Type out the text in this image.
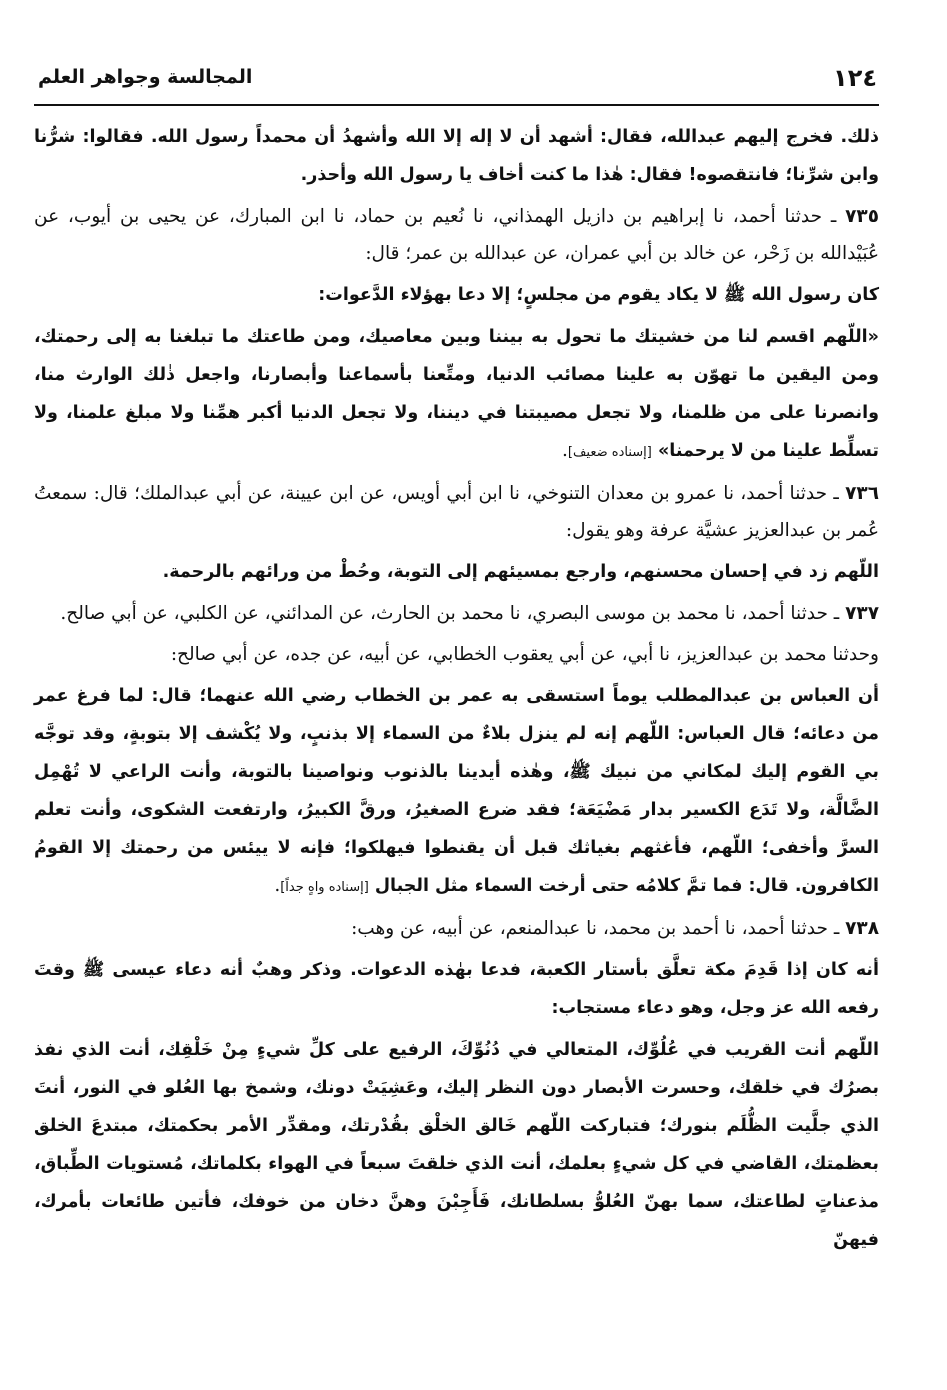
١٢٤
المجالسة وجواهر العلم

ذلك. فخرج إليهم عبدالله، فقال: أشهد أن لا إله إلا الله وأشهدُ أن محمداً رسول الله. فقالوا: شرُّنا وابن شرِّنا؛ فانتقصوه! فقال: هٰذا ما كنت أخاف يا رسول الله وأحذر.

٧٣٥ ـ حدثنا أحمد، نا إبراهيم بن دازيل الهمذاني، نا نُعيم بن حماد، نا ابن المبارك، عن يحيى بن أيوب، عن عُبَيْدالله بن زَحْر، عن خالد بن أبي عمران، عن عبدالله بن عمر؛ قال:

كان رسول الله ﷺ لا يكاد يقوم من مجلسٍ؛ إلا دعا بهؤلاء الدَّعوات:

«اللّهم اقسم لنا من خشيتك ما تحول به بيننا وبين معاصيك، ومن طاعتك ما تبلغنا به إلى رحمتك، ومن اليقين ما تهوّن به علينا مصائب الدنيا، ومتِّعنا بأسماعنا وأبصارنا، واجعل ذٰلك الوارث منا، وانصرنا على من ظلمنا، ولا تجعل مصيبتنا في ديننا، ولا تجعل الدنيا أكبر همِّنا ولا مبلغ علمنا، ولا تسلِّط علينا من لا يرحمنا» [إسناده ضعيف].

٧٣٦ ـ حدثنا أحمد، نا عمرو بن معدان التنوخي، نا ابن أبي أويس، عن ابن عيينة، عن أبي عبدالملك؛ قال: سمعتُ عُمر بن عبدالعزيز عشيَّة عرفة وهو يقول:

اللّهم زد في إحسان محسنهم، وارجع بمسيئهم إلى التوبة، وحُطْ من ورائهم بالرحمة.

٧٣٧ ـ حدثنا أحمد، نا محمد بن موسى البصري، نا محمد بن الحارث، عن المدائني، عن الكلبي، عن أبي صالح.

وحدثنا محمد بن عبدالعزيز، نا أبي، عن أبي يعقوب الخطابي، عن أبيه، عن جده، عن أبي صالح:

أن العباس بن عبدالمطلب يوماً استسقى به عمر بن الخطاب رضي الله عنهما؛ قال: لما فرغ عمر من دعائه؛ قال العباس: اللّهم إنه لم ينزل بلاءٌ من السماء إلا بذنبٍ، ولا يُكْشف إلا بتوبةٍ، وقد توجَّه بي القوم إليك لمكاني من نبيك ﷺ، وهٰذه أيدينا بالذنوب ونواصينا بالتوبة، وأنت الراعي لا تُهْمِل الضَّالَّة، ولا تَدَع الكسير بدار مَضْيَعَة؛ فقد ضرع الصغيرُ، ورقَّ الكبيرُ، وارتفعت الشكوى، وأنت تعلم السرَّ وأخفى؛ اللّهم، فأغثهم بغياثك قبل أن يقنطوا فيهلكوا؛ فإنه لا ييئس من رحمتك إلا القومُ الكافرون. قال: فما تمَّ كلامُه حتى أرخت السماء مثل الجبال [إسناده واهٍ جداً].

٧٣٨ ـ حدثنا أحمد، نا أحمد بن محمد، نا عبدالمنعم، عن أبيه، عن وهب:

أنه كان إذا قَدِمَ مكة تعلَّق بأستار الكعبة، فدعا بهٰذه الدعوات. وذكر وهبٌ أنه دعاء عيسى ﷺ وقتَ رفعه الله عز وجل، وهو دعاء مستجاب:

اللّهم أنت القريب في عُلُوِّك، المتعالي في دُنُوِّكَ، الرفيع على كلِّ شيءٍ مِنْ خَلْقِك، أنت الذي نفذ بصرُك في خلقك، وحسرت الأبصار دون النظر إليك، وعَشِيَتْ دونك، وشمخ بها العُلو في النور، أنتَ الذي جلَّيت الظُّلَم بنورك؛ فتباركت اللّهم خَالق الخلْق بقُدْرتك، ومقدِّر الأمر بحكمتك، مبتدعَ الخلق بعظمتك، القاضي في كل شيءٍ بعلمك، أنت الذي خلقتَ سبعاً في الهواء بكلماتك، مُستويات الطِّباق، مذعناتٍ لطاعتك، سما بهنّ العُلوُّ بسلطانك، فَأَجِبْنَ وهنَّ دخان من خوفك، فأتين طائعات بأمرك، فيهنّ
